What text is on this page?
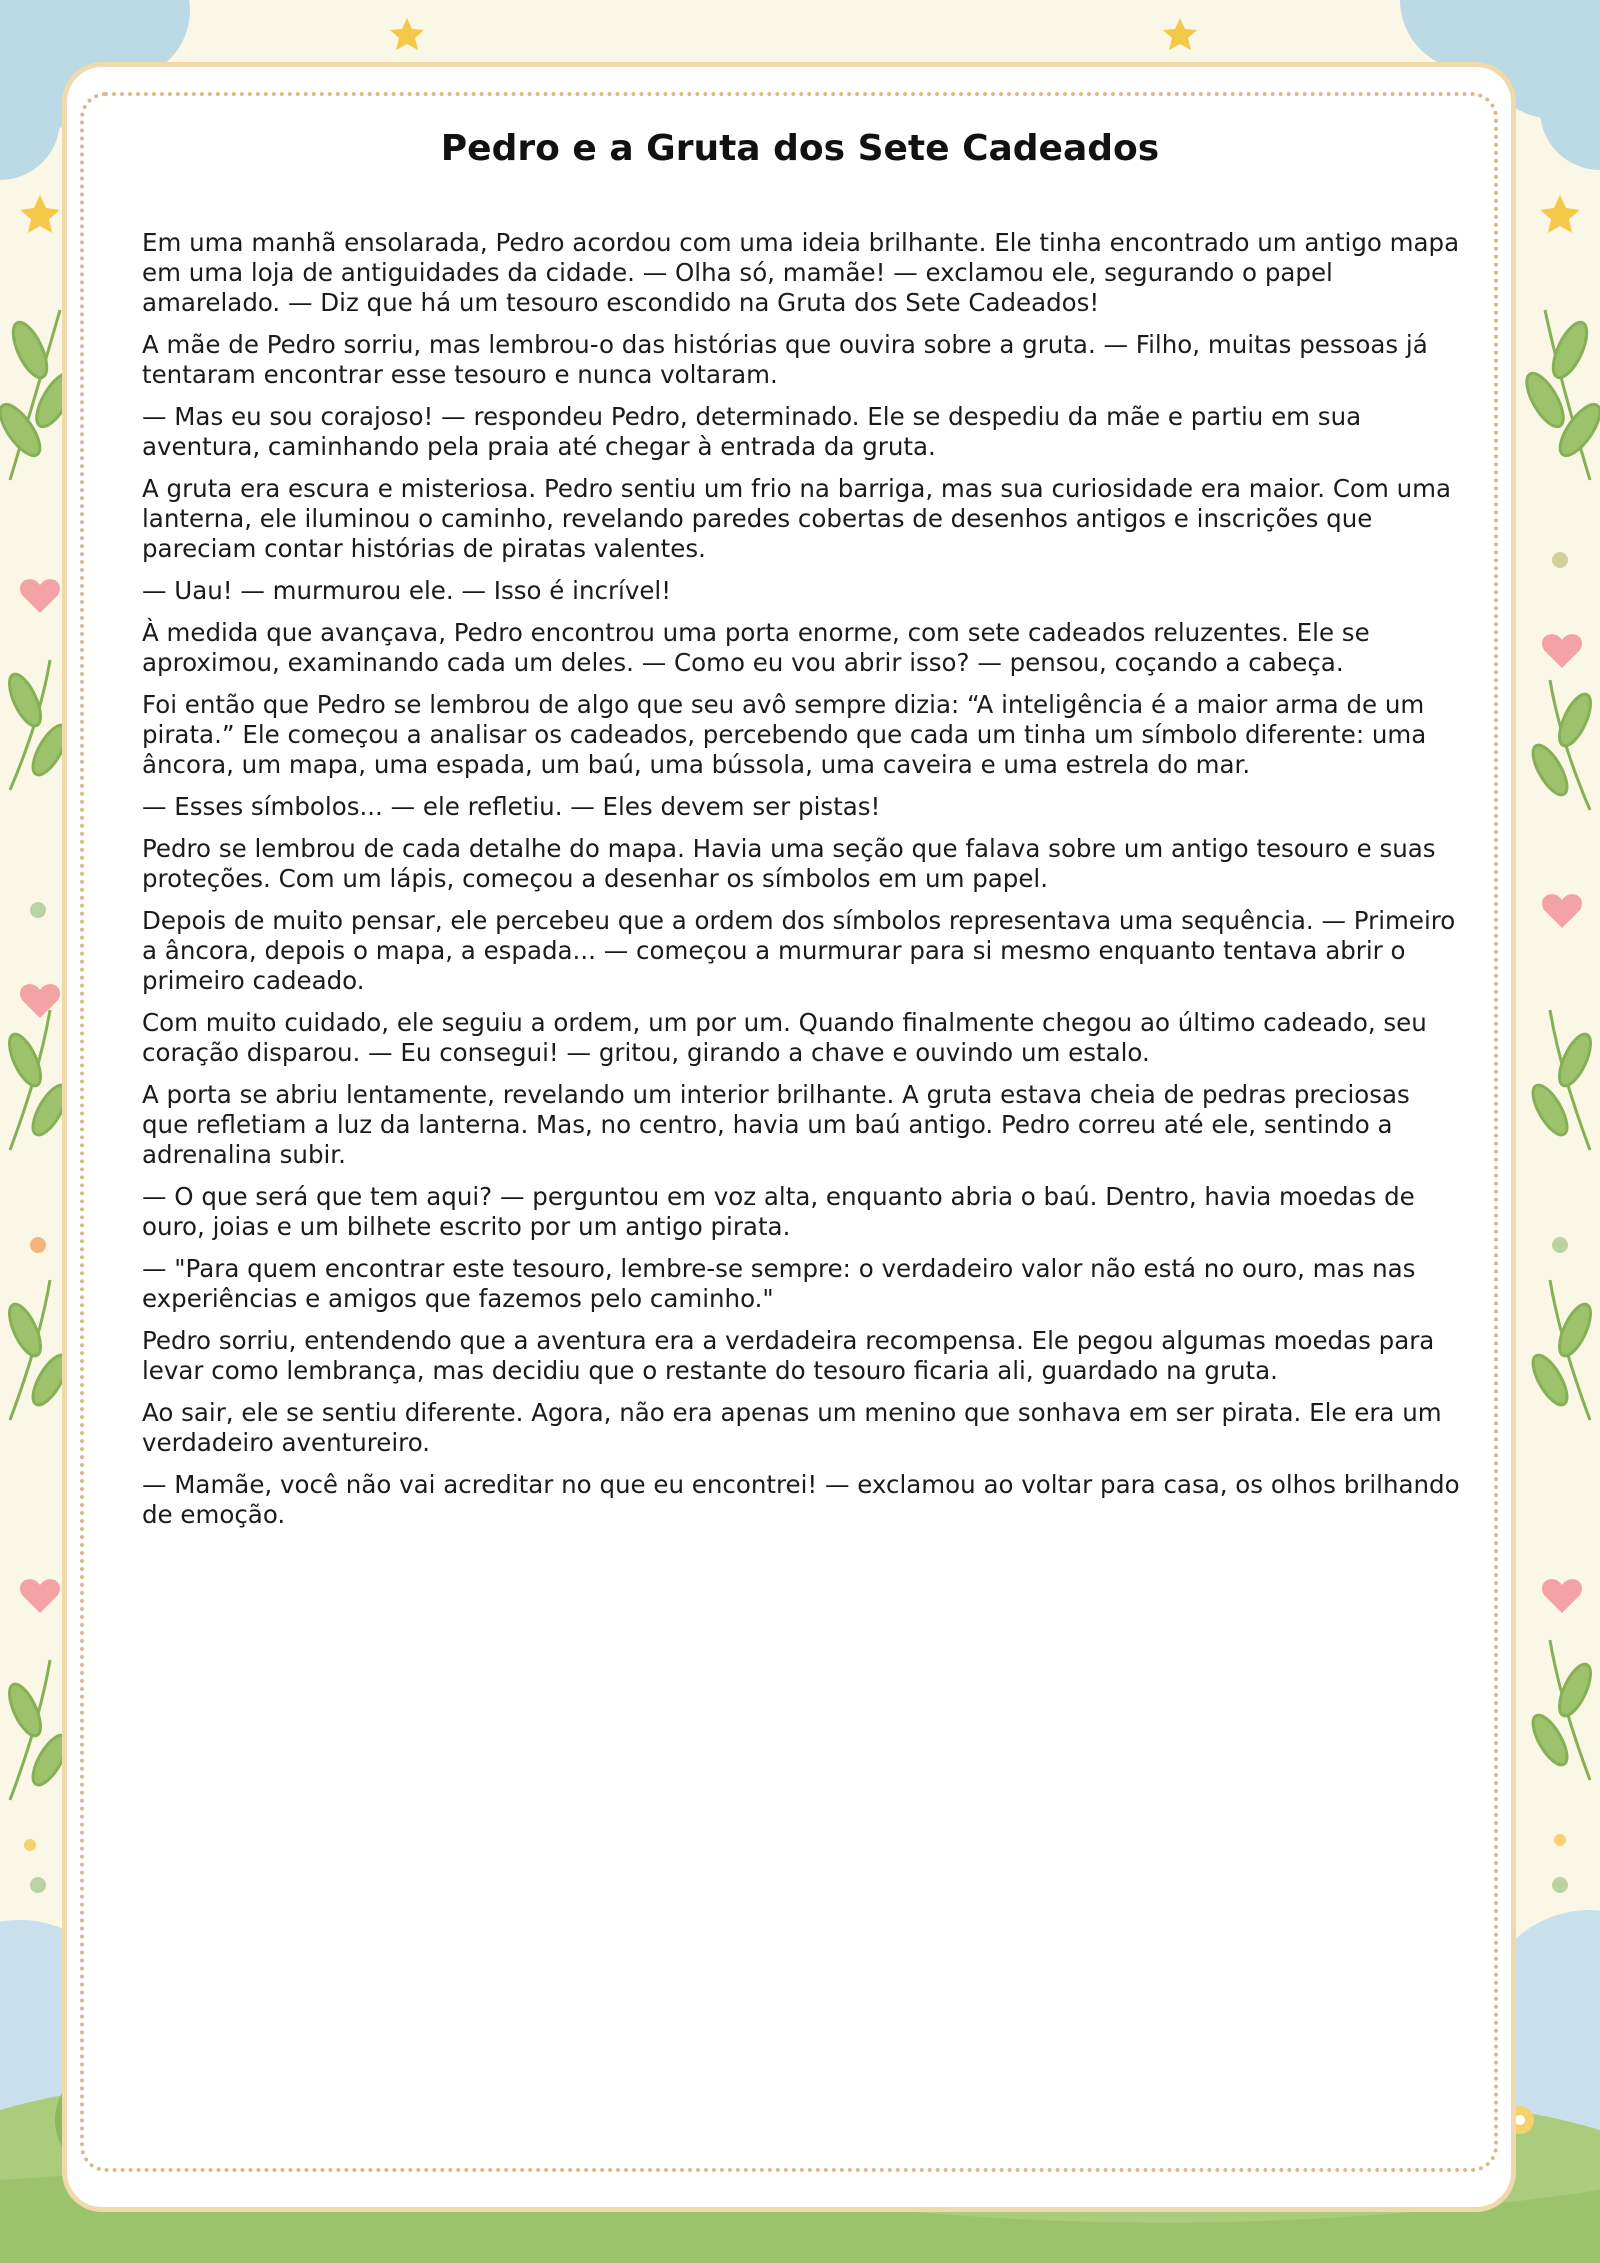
Pedro e a Gruta dos Sete Cadeados

Em uma manhã ensolarada, Pedro acordou com uma ideia brilhante. Ele tinha encontrado um antigo mapa em uma loja de antiguidades da cidade. — Olha só, mamãe! — exclamou ele, segurando o papel amarelado. — Diz que há um tesouro escondido na Gruta dos Sete Cadeados!

A mãe de Pedro sorriu, mas lembrou-o das histórias que ouvira sobre a gruta. — Filho, muitas pessoas já tentaram encontrar esse tesouro e nunca voltaram.

— Mas eu sou corajoso! — respondeu Pedro, determinado. Ele se despediu da mãe e partiu em sua aventura, caminhando pela praia até chegar à entrada da gruta.

A gruta era escura e misteriosa. Pedro sentiu um frio na barriga, mas sua curiosidade era maior. Com uma lanterna, ele iluminou o caminho, revelando paredes cobertas de desenhos antigos e inscrições que pareciam contar histórias de piratas valentes.

— Uau! — murmurou ele. — Isso é incrível!

À medida que avançava, Pedro encontrou uma porta enorme, com sete cadeados reluzentes. Ele se aproximou, examinando cada um deles. — Como eu vou abrir isso? — pensou, coçando a cabeça.

Foi então que Pedro se lembrou de algo que seu avô sempre dizia: “A inteligência é a maior arma de um pirata.” Ele começou a analisar os cadeados, percebendo que cada um tinha um símbolo diferente: uma âncora, um mapa, uma espada, um baú, uma bússola, uma caveira e uma estrela do mar.

— Esses símbolos... — ele refletiu. — Eles devem ser pistas!

Pedro se lembrou de cada detalhe do mapa. Havia uma seção que falava sobre um antigo tesouro e suas proteções. Com um lápis, começou a desenhar os símbolos em um papel.

Depois de muito pensar, ele percebeu que a ordem dos símbolos representava uma sequência. — Primeiro a âncora, depois o mapa, a espada... — começou a murmurar para si mesmo enquanto tentava abrir o primeiro cadeado.

Com muito cuidado, ele seguiu a ordem, um por um. Quando finalmente chegou ao último cadeado, seu coração disparou. — Eu consegui! — gritou, girando a chave e ouvindo um estalo.

A porta se abriu lentamente, revelando um interior brilhante. A gruta estava cheia de pedras preciosas que refletiam a luz da lanterna. Mas, no centro, havia um baú antigo. Pedro correu até ele, sentindo a adrenalina subir.

— O que será que tem aqui? — perguntou em voz alta, enquanto abria o baú. Dentro, havia moedas de ouro, joias e um bilhete escrito por um antigo pirata.

— "Para quem encontrar este tesouro, lembre-se sempre: o verdadeiro valor não está no ouro, mas nas experiências e amigos que fazemos pelo caminho."

Pedro sorriu, entendendo que a aventura era a verdadeira recompensa. Ele pegou algumas moedas para levar como lembrança, mas decidiu que o restante do tesouro ficaria ali, guardado na gruta.

Ao sair, ele se sentiu diferente. Agora, não era apenas um menino que sonhava em ser pirata. Ele era um verdadeiro aventureiro.

— Mamãe, você não vai acreditar no que eu encontrei! — exclamou ao voltar para casa, os olhos brilhando de emoção.
